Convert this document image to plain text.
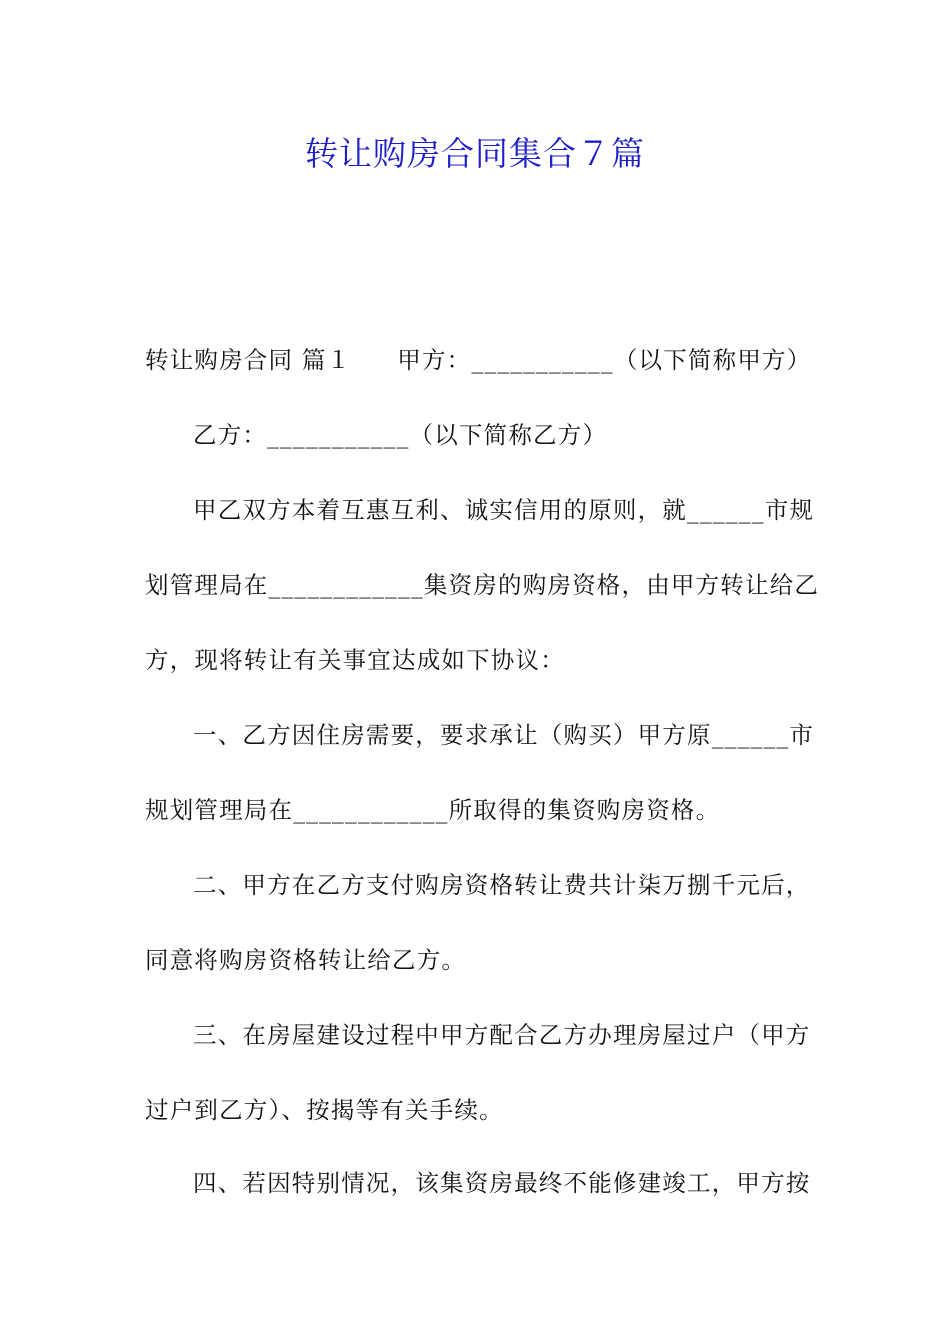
转让购房合同集合７篇
转让购房合同 篇１ 甲方：___________（以下简称甲方）
乙方：___________（以下简称乙方）
甲乙双方本着互惠互利、诚实信用的原则，就______市规
划管理局在____________集资房的购房资格，由甲方转让给乙
方，现将转让有关事宜达成如下协议：
一、乙方因住房需要，要求承让（购买）甲方原______市
规划管理局在____________所取得的集资购房资格。
二、甲方在乙方支付购房资格转让费共计柒万捌千元后，
同意将购房资格转让给乙方。
三、在房屋建设过程中甲方配合乙方办理房屋过户（甲方
过户到乙方）、按揭等有关手续。
四、若因特别情况，该集资房最终不能修建竣工，甲方按
